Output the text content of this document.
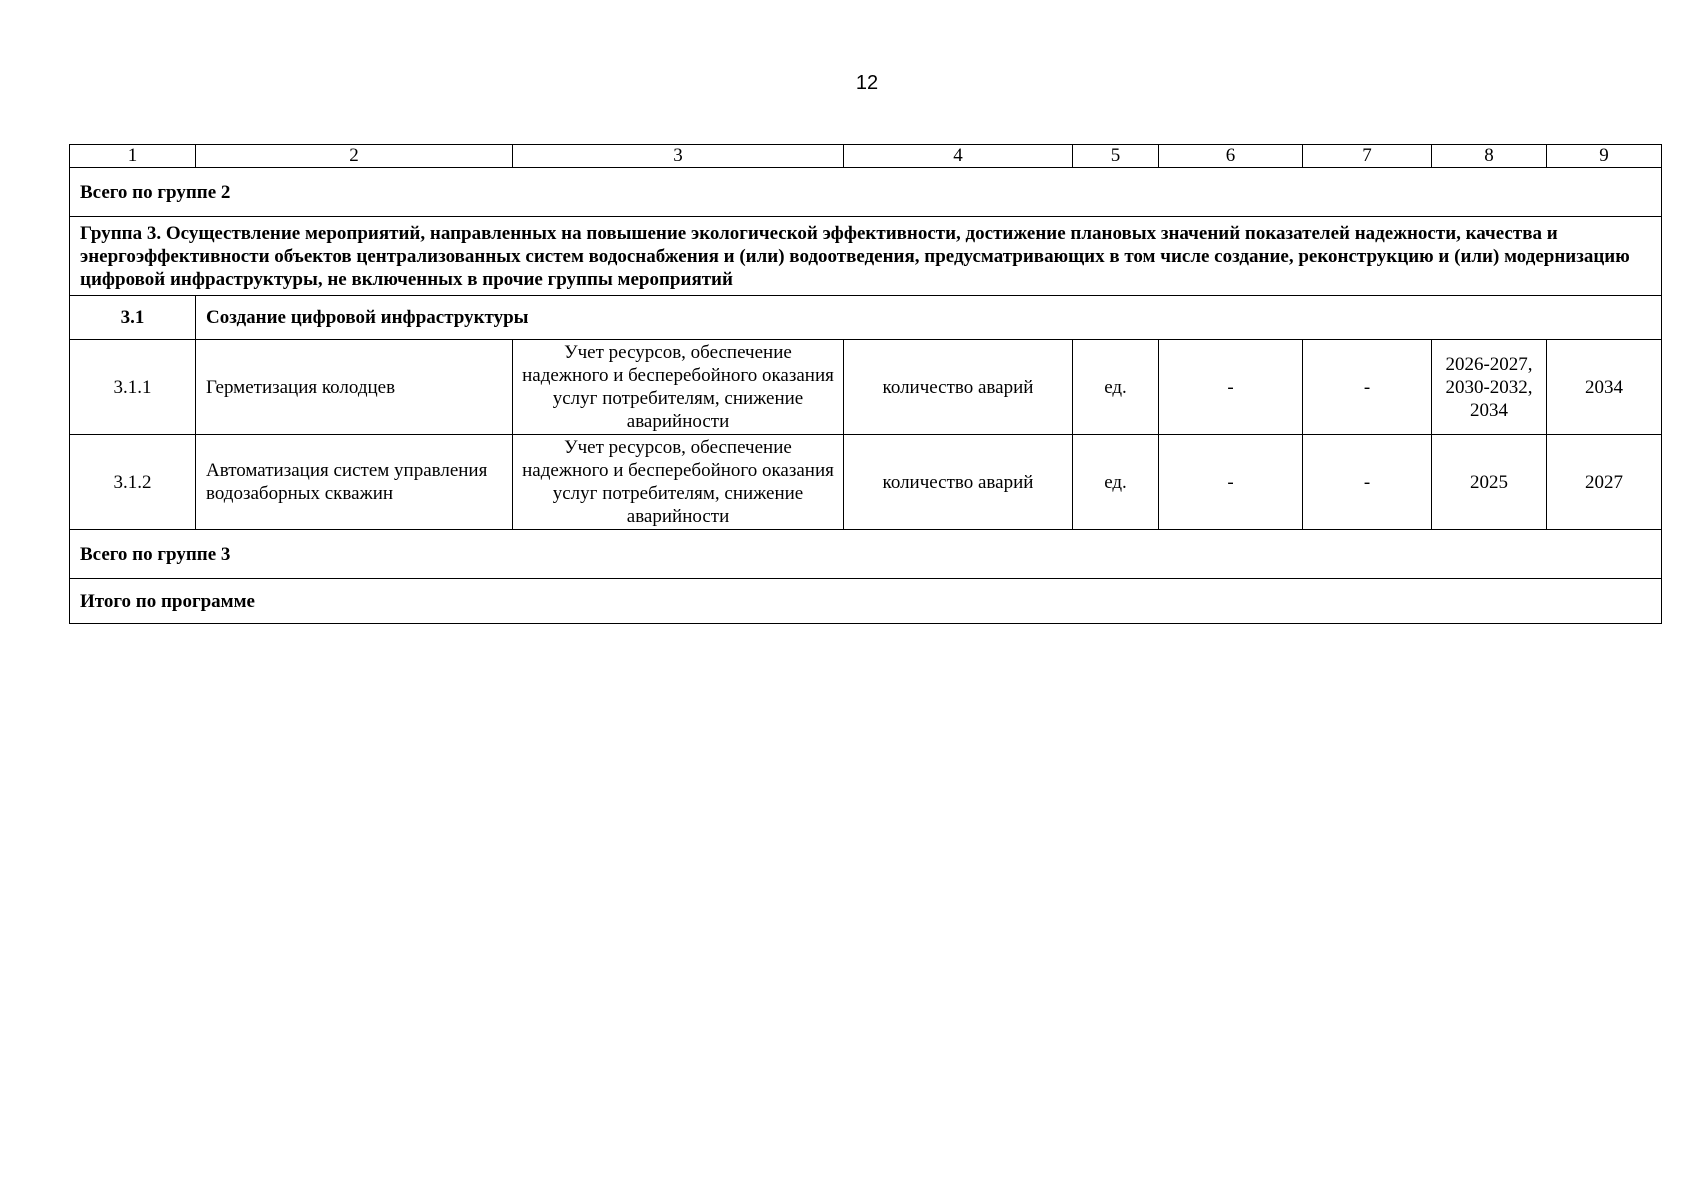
12
1	2	3	4	5	6	7	8	9
Всего по группе 2								
Группа 3. Осуществление мероприятий, направленных на повышение экологической эффективности, достижение плановых значений показателей надежности, качества и энергоэффективности объектов централизованных систем водоснабжения и (или) водоотведения, предусматривающих в том числе создание, реконструкцию и (или) модернизацию цифровой инфраструктуры, не включенных в прочие группы мероприятий								
3.1	Создание цифровой инфраструктуры							
3.1.1	Герметизация колодцев	Учет ресурсов, обеспечение надежного и бесперебойного оказания услуг потребителям, снижение аварийности	количество аварий	ед.	-	-	2026-2027, 2030-2032, 2034	2034
3.1.2	Автоматизация систем управления водозаборных скважин	Учет ресурсов, обеспечение надежного и бесперебойного оказания услуг потребителям, снижение аварийности	количество аварий	ед.	-	-	2025	2027
Всего по группе 3								
Итого по программе								
